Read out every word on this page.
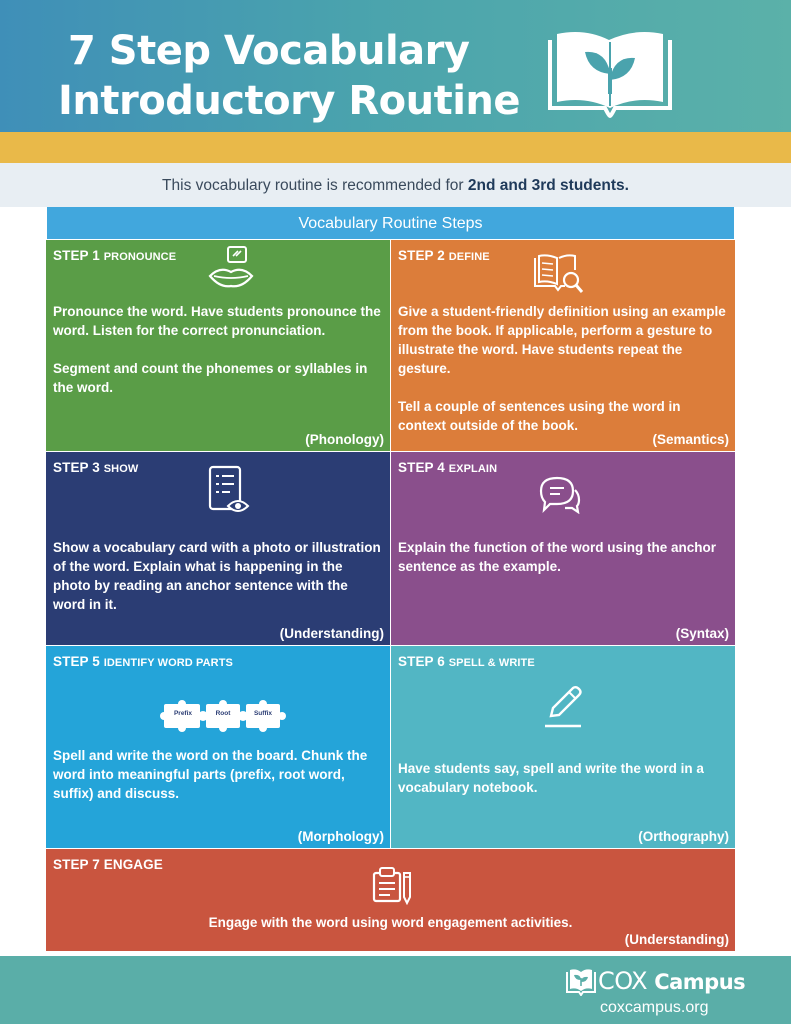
7 Step Vocabulary
Introductory Routine
This vocabulary routine is recommended for 2nd and 3rd students.
Vocabulary Routine Steps
STEP 1 PRONOUNCE

Pronounce the word. Have students pronounce the word. Listen for the correct pronunciation.

Segment and count the phonemes or syllables in the word.

(Phonology)
STEP 2 DEFINE

Give a student-friendly definition using an example from the book. If applicable, perform a gesture to illustrate the word. Have students repeat the gesture.

Tell a couple of sentences using the word in context outside of the book.

(Semantics)
STEP 3 SHOW

Show a vocabulary card with a photo or illustration of the word. Explain what is happening in the photo by reading an anchor sentence with the word in it.

(Understanding)
STEP 4 EXPLAIN

Explain the function of the word using the anchor sentence as the example.

(Syntax)
STEP 5 IDENTIFY WORD PARTS
Prefix	Root	Suffix

Spell and write the word on the board. Chunk the word into meaningful parts (prefix, root word, suffix) and discuss.

(Morphology)
STEP 6 SPELL & WRITE

Have students say, spell and write the word in a vocabulary notebook.

(Orthography)
STEP 7 ENGAGE

Engage with the word using word engagement activities.

(Understanding)
COX Campus
coxcampus.org
